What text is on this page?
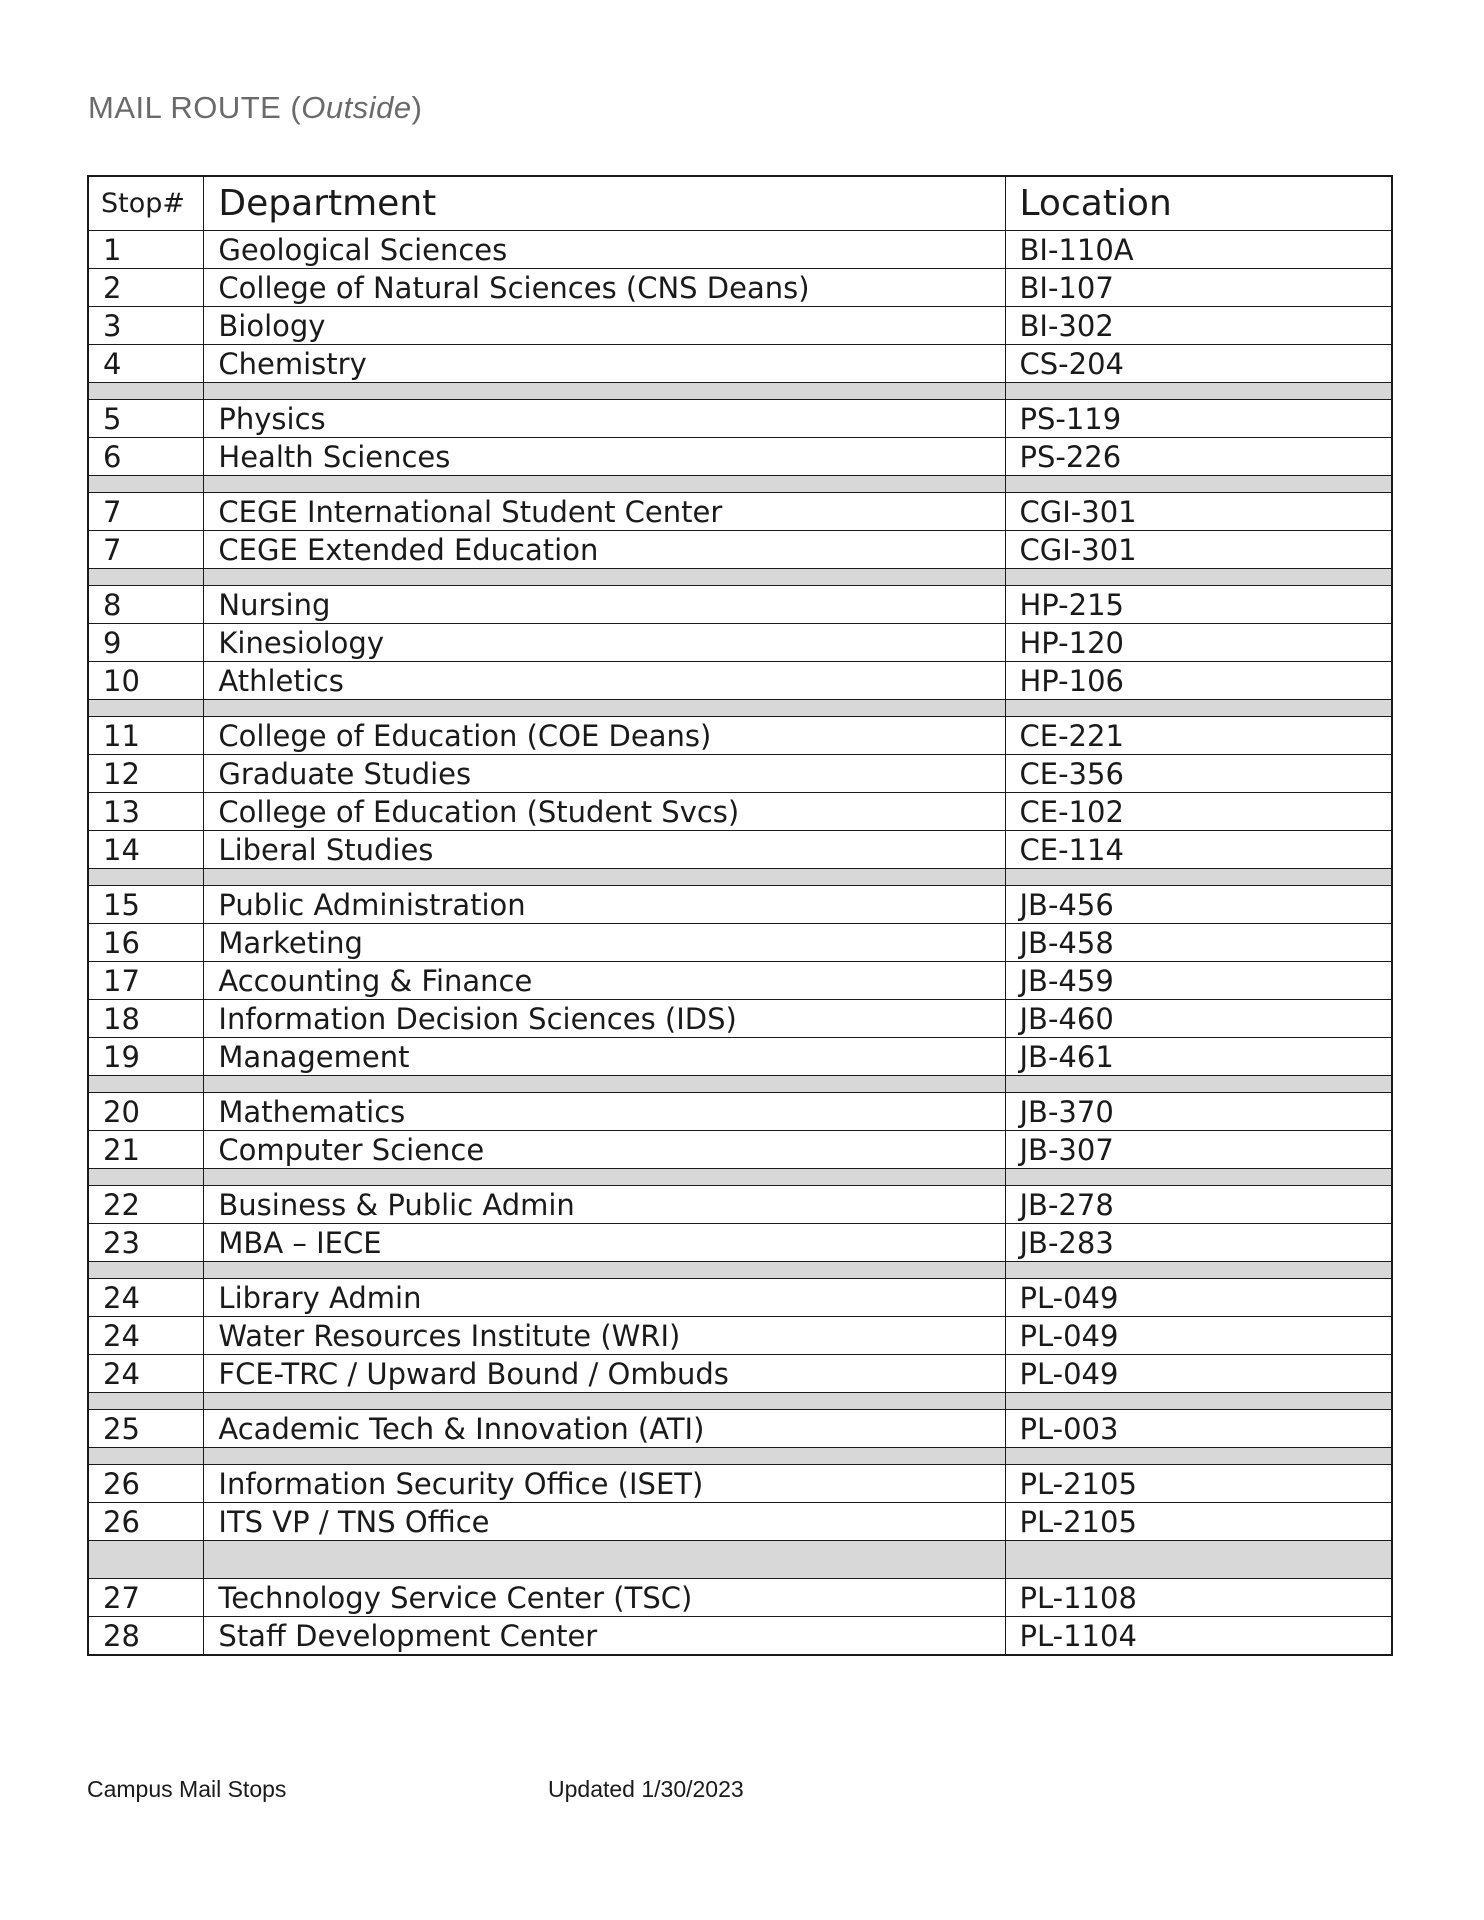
MAIL ROUTE (Outside)
Stop#	Department	Location
1	Geological Sciences	BI-110A
2	College of Natural Sciences (CNS Deans)	BI-107
3	Biology	BI-302
4	Chemistry	CS-204

5	Physics	PS-119
6	Health Sciences	PS-226

7	CEGE International Student Center	CGI-301
7	CEGE Extended Education	CGI-301

8	Nursing	HP-215
9	Kinesiology	HP-120
10	Athletics	HP-106

11	College of Education (COE Deans)	CE-221
12	Graduate Studies	CE-356
13	College of Education (Student Svcs)	CE-102
14	Liberal Studies	CE-114

15	Public Administration	JB-456
16	Marketing	JB-458
17	Accounting & Finance	JB-459
18	Information Decision Sciences (IDS)	JB-460
19	Management	JB-461

20	Mathematics	JB-370
21	Computer Science	JB-307

22	Business & Public Admin	JB-278
23	MBA – IECE	JB-283

24	Library Admin	PL-049
24	Water Resources Institute (WRI)	PL-049
24	FCE-TRC / Upward Bound / Ombuds	PL-049

25	Academic Tech & Innovation (ATI)	PL-003

26	Information Security Office (ISET)	PL-2105
26	ITS VP / TNS Office	PL-2105

27	Technology Service Center (TSC)	PL-1108
28	Staff Development Center	PL-1104
Campus Mail Stops	Updated 1/30/2023
